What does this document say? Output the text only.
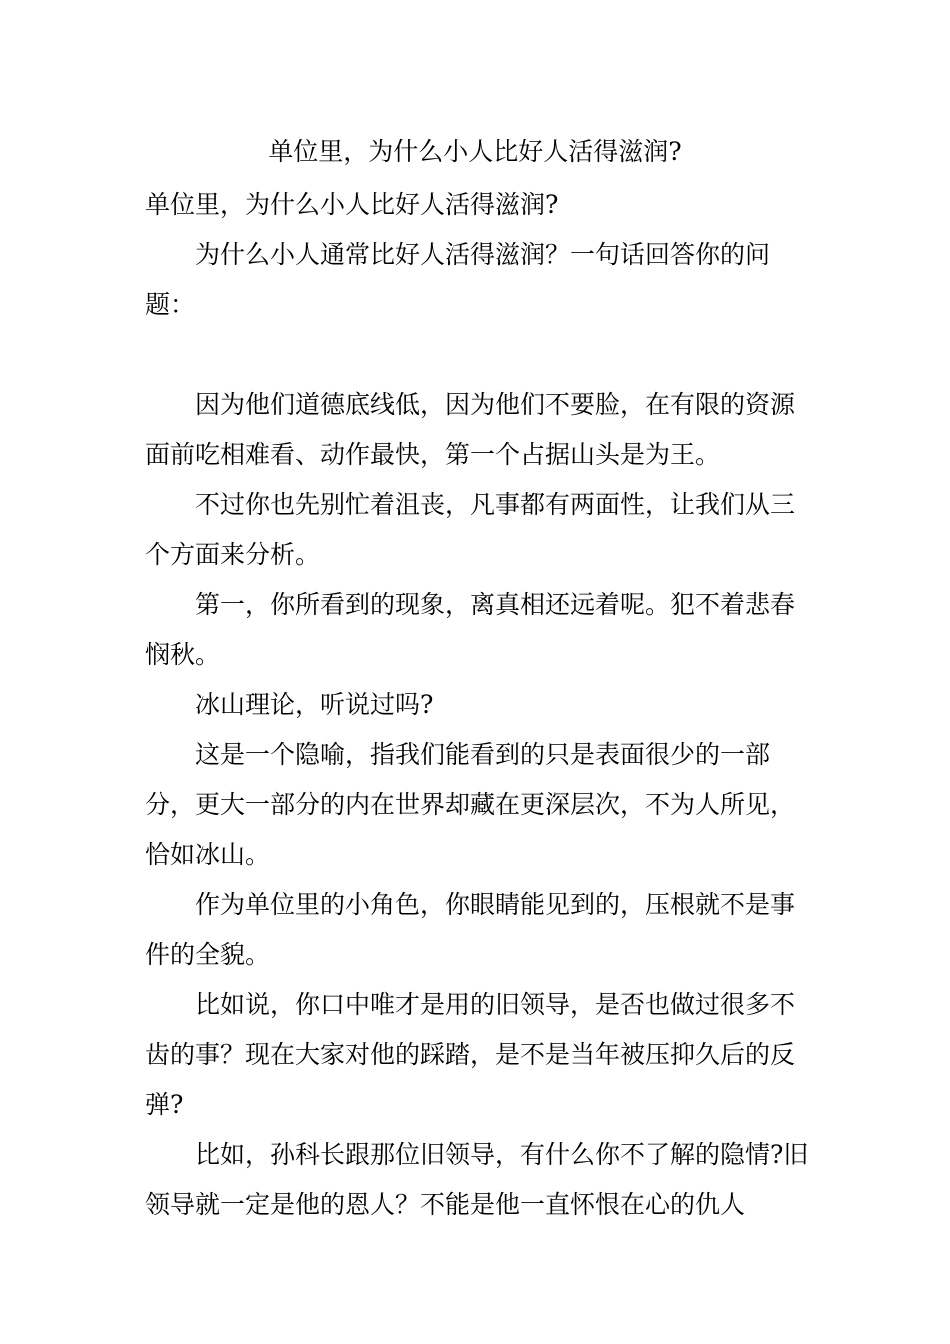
单位里，为什么小人比好人活得滋润?

单位里，为什么小人比好人活得滋润?

为什么小人通常比好人活得滋润？一句话回答你的问题：

因为他们道德底线低，因为他们不要脸，在有限的资源面前吃相难看、动作最快，第一个占据山头是为王。

不过你也先别忙着沮丧，凡事都有两面性，让我们从三个方面来分析。

第一，你所看到的现象，离真相还远着呢。犯不着悲春悯秋。

冰山理论，听说过吗?

这是一个隐喻，指我们能看到的只是表面很少的一部分，更大一部分的内在世界却藏在更深层次，不为人所见，恰如冰山。

作为单位里的小角色，你眼睛能见到的，压根就不是事件的全貌。

比如说，你口中唯才是用的旧领导，是否也做过很多不齿的事？现在大家对他的踩踏，是不是当年被压抑久后的反弹?

比如，孙科长跟那位旧领导，有什么你不了解的隐情?旧领导就一定是他的恩人？不能是他一直怀恨在心的仇人
